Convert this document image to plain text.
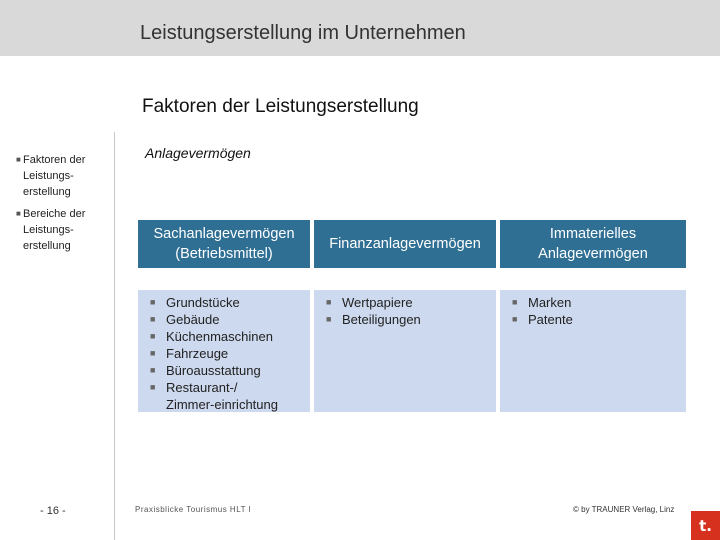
Leistungserstellung im Unternehmen
Faktoren der Leistungserstellung
■ Faktoren der
Leistungs-
erstellung
■ Bereiche der
Leistungs-
erstellung
Anlagevermögen
Sachanlagevermögen
(Betriebsmittel)
■ Grundstücke
■ Gebäude
■ Küchenmaschinen
■ Fahrzeuge
■ Büroausstattung
■ Restaurant-/ Zimmer-einrichtung
Finanzanlagevermögen
■ Wertpapiere
■ Beteiligungen
Immaterielles
Anlagevermögen
■ Marken
■ Patente
- 16 -	Praxisblicke Tourismus HLT I	© by TRAUNER Verlag, Linz
t.
